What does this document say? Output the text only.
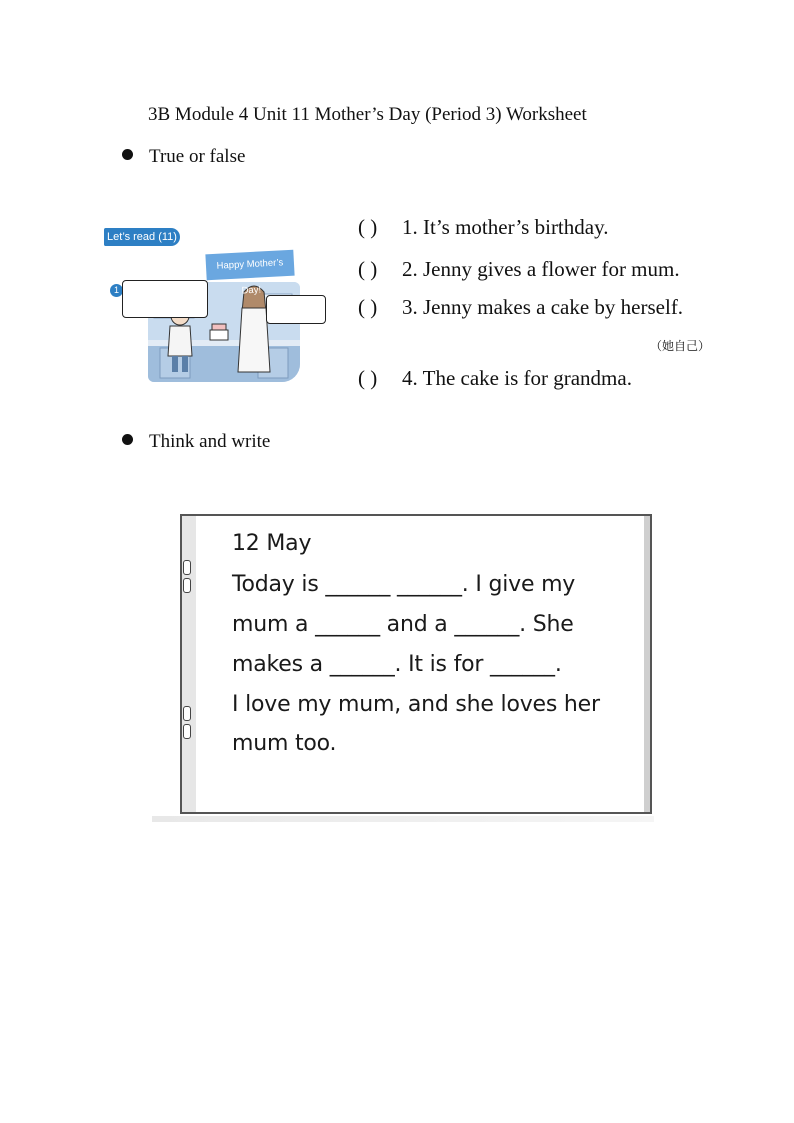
3B Module 4 Unit 11 Mother’s Day (Period 3) Worksheet
True or false
Let’s read (11)
1
Happy Mother’s Day!
( ) 1. It’s mother’s birthday.
( ) 2. Jenny gives a flower for mum.
( ) 3. Jenny makes a cake by herself.
（她自己）
( ) 4. The cake is for grandma.
Think and write
12 May
Today is ______ ______. I give my
mum a ______ and a ______. She
makes a ______. It is for ______.
I love my mum, and she loves her
mum too.
